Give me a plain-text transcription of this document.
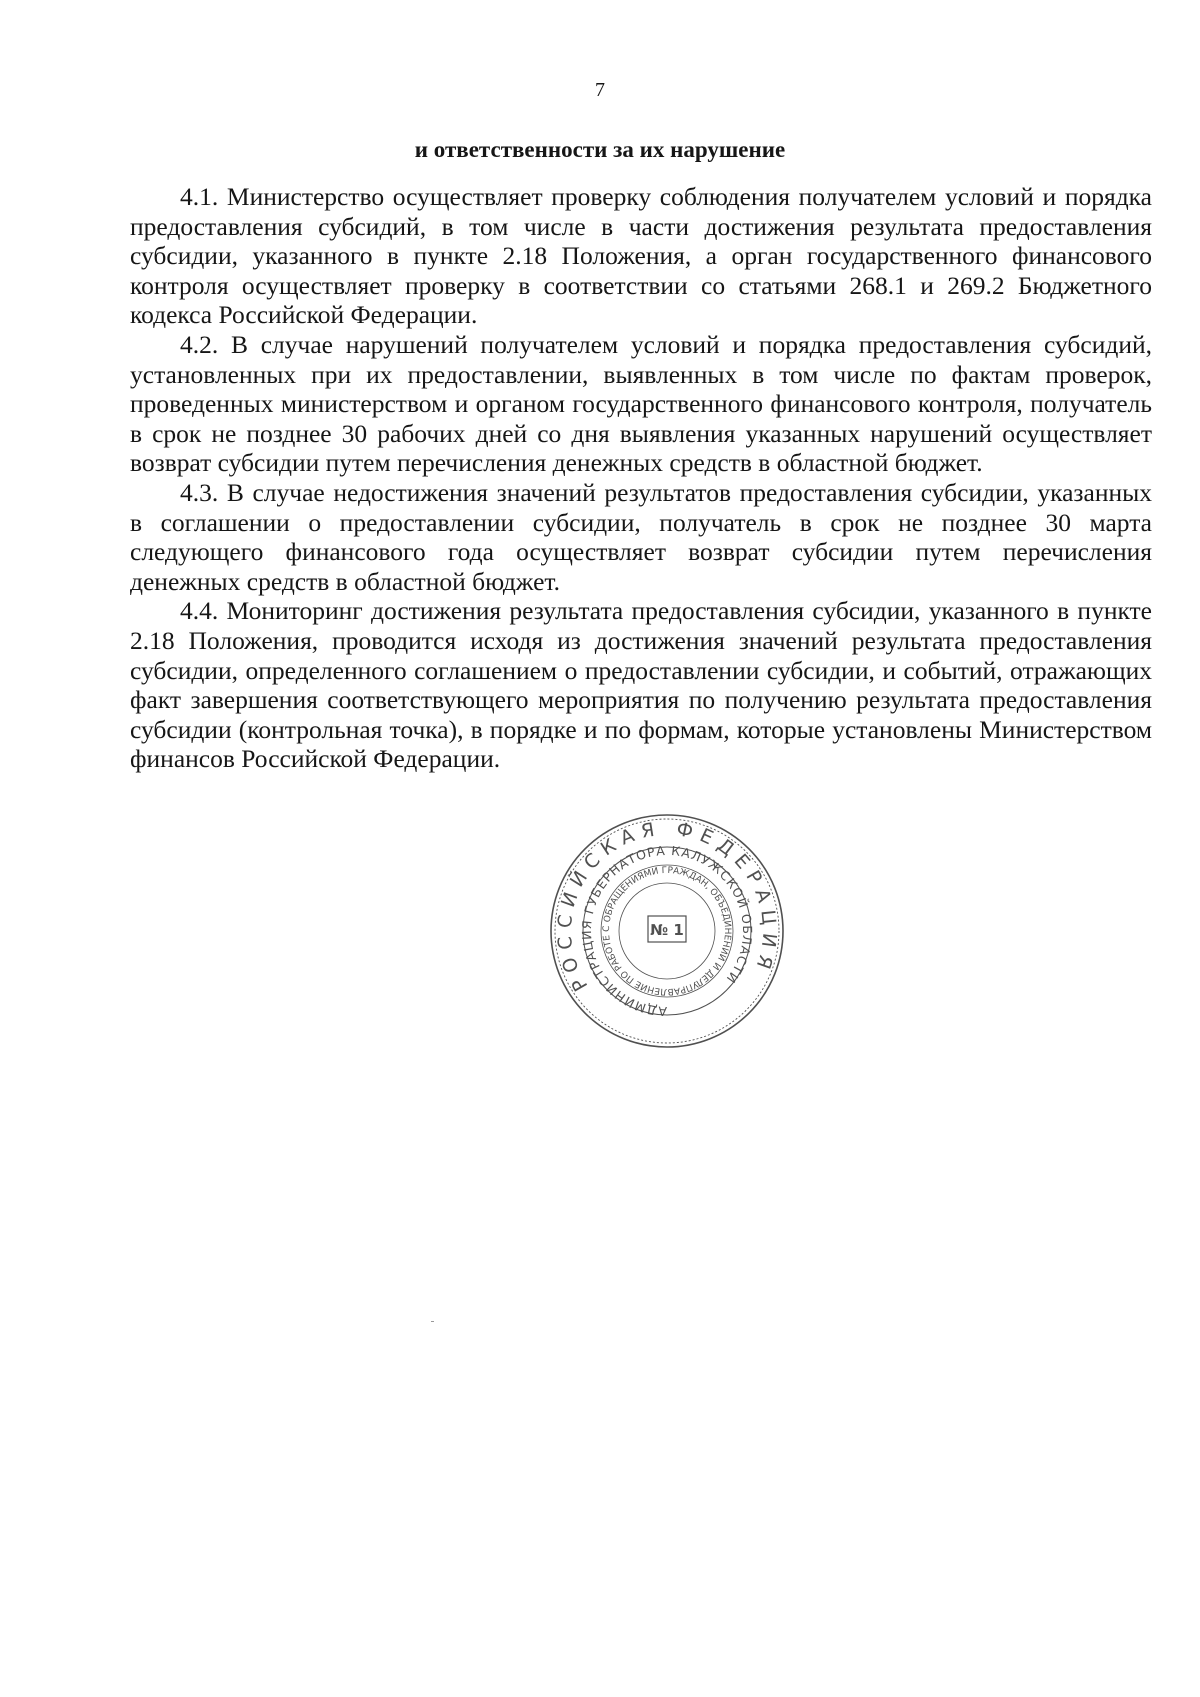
7
и ответственности за их нарушение

4.1. Министерство осуществляет проверку соблюдения получателем условий и порядка предоставления субсидий, в том числе в части достижения результата предоставления субсидии, указанного в пункте 2.18 Положения, а орган государственного финансового контроля осуществляет проверку в соответствии со статьями 268.1 и 269.2 Бюджетного кодекса Российской Федерации.

4.2. В случае нарушений получателем условий и порядка предоставления субсидий, установленных при их предоставлении, выявленных в том числе по фактам проверок, проведенных министерством и органом государственного финансового контроля, получатель в срок не позднее 30 рабочих дней со дня выявления указанных нарушений осуществляет возврат субсидии путем перечисления денежных средств в областной бюджет.

4.3. В случае недостижения значений результатов предоставления субсидии, указанных в соглашении о предоставлении субсидии, получатель в срок не позднее 30 марта следующего финансового года осуществляет возврат субсидии путем перечисления денежных средств в областной бюджет.

4.4. Мониторинг достижения результата предоставления субсидии, указанного в пункте 2.18 Положения, проводится исходя из достижения значений результата предоставления субсидии, определенного соглашением о предоставлении субсидии, и событий, отражающих факт завершения соответствующего мероприятия по получению результата предоставления субсидии (контрольная точка), в порядке и по формам, которые установлены Министерством финансов Российской Федерации.

РОССИЙСКАЯ ФЕДЕРАЦИЯ
АДМИНИСТРАЦИЯ ГУБЕРНАТОРА КАЛУЖСКОЙ ОБЛАСТИ
УПРАВЛЕНИЕ ПО РАБОТЕ С ОБРАЩЕНИЯМИ ГРАЖДАН, ОБЪЕДИНЕНИЙ И ДЕЛОПРОИЗВОДСТВУ
№ 1
